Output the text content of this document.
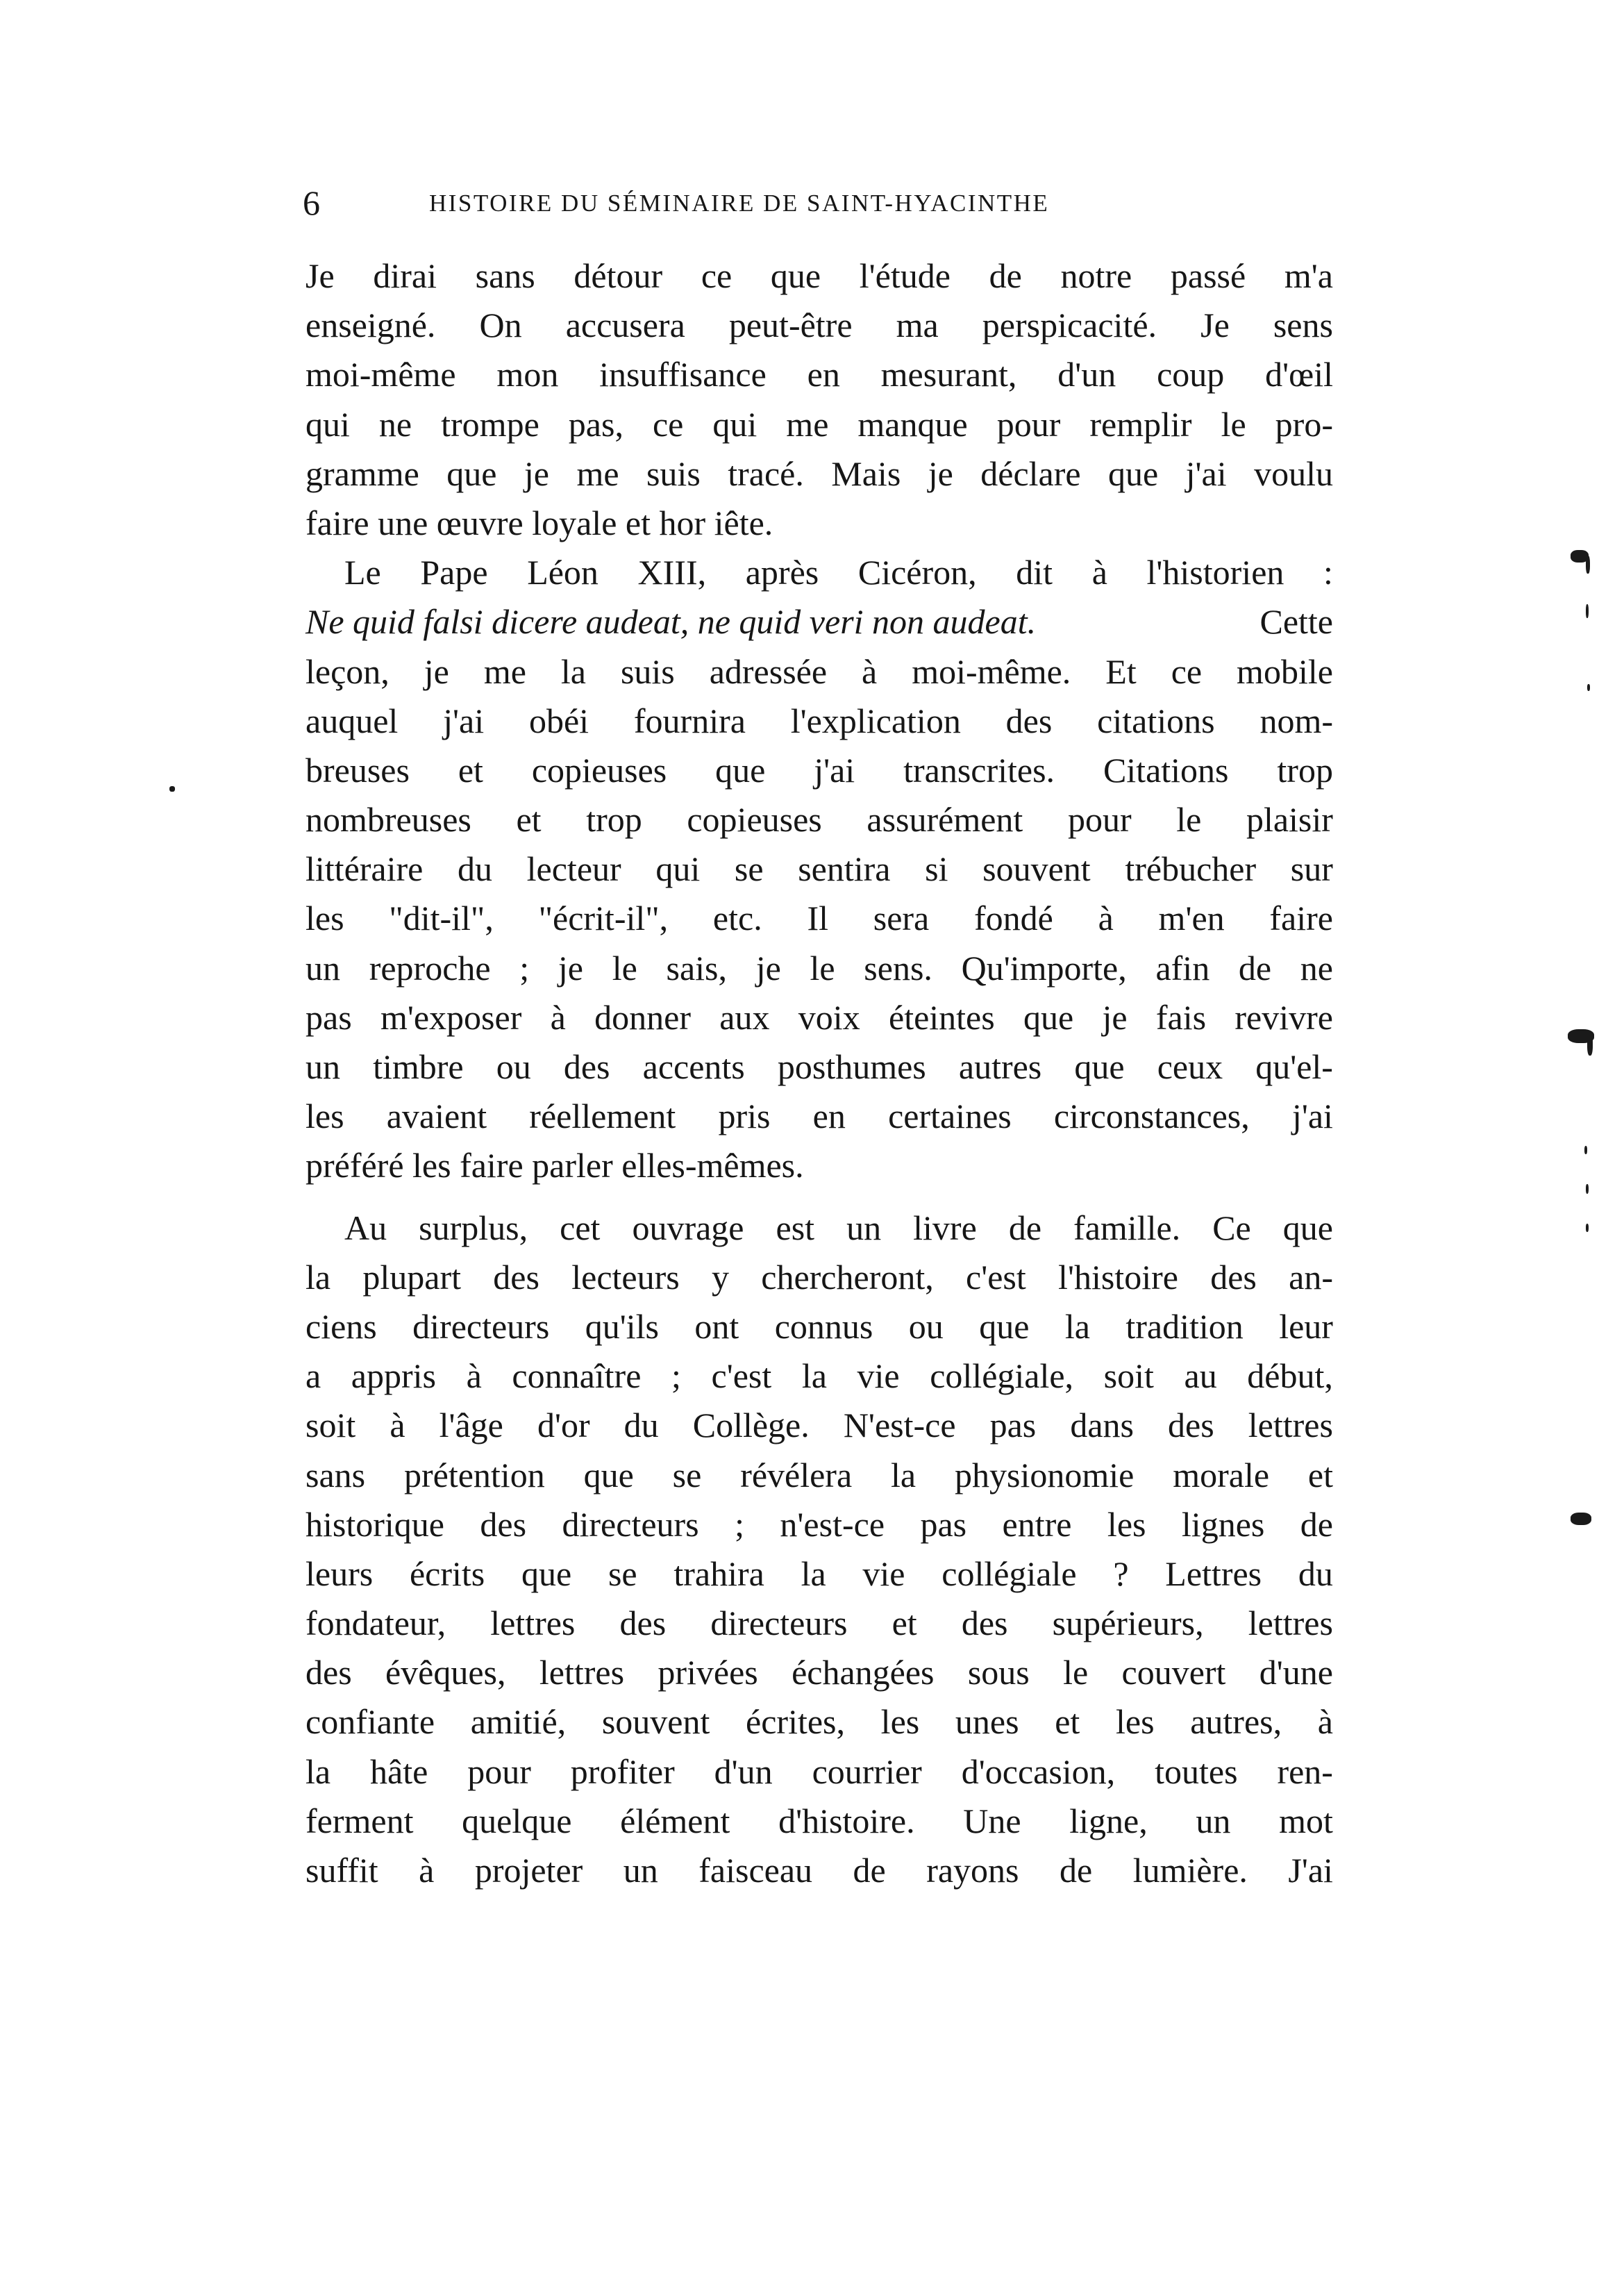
6	HISTOIRE DU SÉMINAIRE DE SAINT-HYACINTHE
Je dirai sans détour ce que l'étude de notre passé m'a
enseigné. On accusera peut-être ma perspicacité. Je sens
moi-même mon insuffisance en mesurant, d'un coup d'œil
qui ne trompe pas, ce qui me manque pour remplir le pro-
gramme que je me suis tracé. Mais je déclare que j'ai voulu
faire une œuvre loyale et hor iête.
Le Pape Léon XIII, après Cicéron, dit à l'historien :
Ne quid falsi dicere audeat, ne quid veri non audeat.	Cette
leçon, je me la suis adressée à moi-même. Et ce mobile
auquel j'ai obéi fournira l'explication des citations nom-
breuses et copieuses que j'ai transcrites. Citations trop
nombreuses et trop copieuses assurément pour le plaisir
littéraire du lecteur qui se sentira si souvent trébucher sur
les "dit-il", "écrit-il", etc. Il sera fondé à m'en faire
un reproche ; je le sais, je le sens. Qu'importe, afin de ne
pas m'exposer à donner aux voix éteintes que je fais revivre
un timbre ou des accents posthumes autres que ceux qu'el-
les avaient réellement pris en certaines circonstances, j'ai
préféré les faire parler elles-mêmes.
Au surplus, cet ouvrage est un livre de famille. Ce que
la plupart des lecteurs y chercheront, c'est l'histoire des an-
ciens directeurs qu'ils ont connus ou que la tradition leur
a appris à connaître ; c'est la vie collégiale, soit au début,
soit à l'âge d'or du Collège. N'est-ce pas dans des lettres
sans prétention que se révélera la physionomie morale et
historique des directeurs ; n'est-ce pas entre les lignes de
leurs écrits que se trahira la vie collégiale ? Lettres du
fondateur, lettres des directeurs et des supérieurs, lettres
des évêques, lettres privées échangées sous le couvert d'une
confiante amitié, souvent écrites, les unes et les autres, à
la hâte pour profiter d'un courrier d'occasion, toutes ren-
ferment quelque élément d'histoire. Une ligne, un mot
suffit à projeter un faisceau de rayons de lumière. J'ai
